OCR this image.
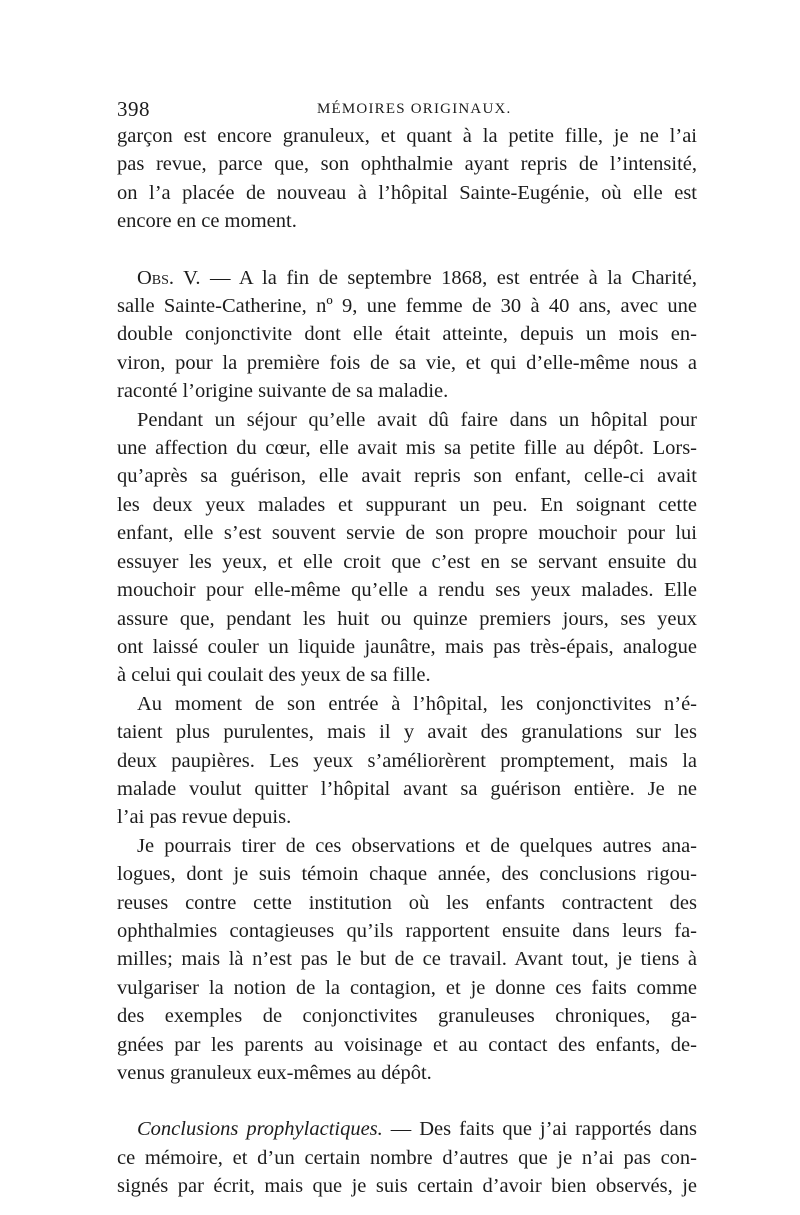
398	MÉMOIRES ORIGINAUX.

garçon est encore granuleux, et quant à la petite fille, je ne l’ai
pas revue, parce que, son ophthalmie ayant repris de l’intensité,
on l’a placée de nouveau à l’hôpital Sainte-Eugénie, où elle est
encore en ce moment.

Obs. V. — A la fin de septembre 1868, est entrée à la Charité,
salle Sainte-Catherine, nº 9, une femme de 30 à 40 ans, avec une
double conjonctivite dont elle était atteinte, depuis un mois en-
viron, pour la première fois de sa vie, et qui d’elle-même nous a
raconté l’origine suivante de sa maladie.

Pendant un séjour qu’elle avait dû faire dans un hôpital pour
une affection du cœur, elle avait mis sa petite fille au dépôt. Lors-
qu’après sa guérison, elle avait repris son enfant, celle-ci avait
les deux yeux malades et suppurant un peu. En soignant cette
enfant, elle s’est souvent servie de son propre mouchoir pour lui
essuyer les yeux, et elle croit que c’est en se servant ensuite du
mouchoir pour elle-même qu’elle a rendu ses yeux malades. Elle
assure que, pendant les huit ou quinze premiers jours, ses yeux
ont laissé couler un liquide jaunâtre, mais pas très-épais, analogue
à celui qui coulait des yeux de sa fille.

Au moment de son entrée à l’hôpital, les conjonctivites n’é-
taient plus purulentes, mais il y avait des granulations sur les
deux paupières. Les yeux s’améliorèrent promptement, mais la
malade voulut quitter l’hôpital avant sa guérison entière. Je ne
l’ai pas revue depuis.

Je pourrais tirer de ces observations et de quelques autres ana-
logues, dont je suis témoin chaque année, des conclusions rigou-
reuses contre cette institution où les enfants contractent des
ophthalmies contagieuses qu’ils rapportent ensuite dans leurs fa-
milles; mais là n’est pas le but de ce travail. Avant tout, je tiens à
vulgariser la notion de la contagion, et je donne ces faits comme
des exemples de conjonctivites granuleuses chroniques, ga-
gnées par les parents au voisinage et au contact des enfants, de-
venus granuleux eux-mêmes au dépôt.

Conclusions prophylactiques. — Des faits que j’ai rapportés dans
ce mémoire, et d’un certain nombre d’autres que je n’ai pas con-
signés par écrit, mais que je suis certain d’avoir bien observés, je
